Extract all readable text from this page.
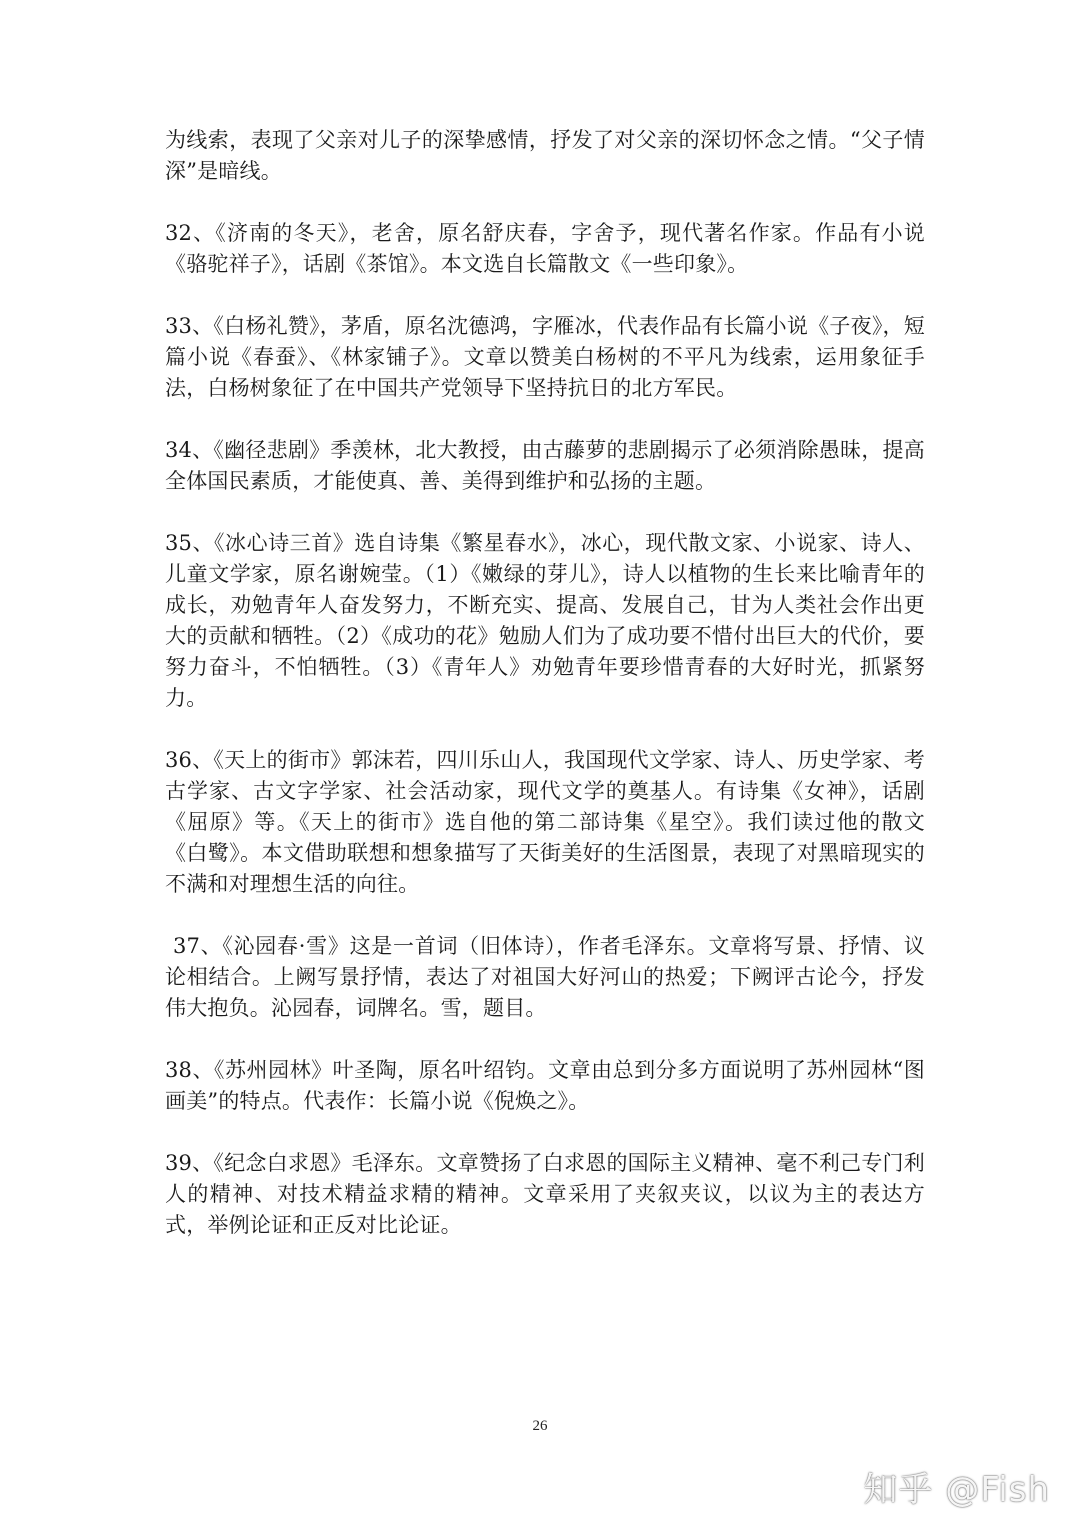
为线索，表现了父亲对儿子的深挚感情，抒发了对父亲的深切怀念之情。“父子情深”是暗线。

32、《济南的冬天》，老舍，原名舒庆春，字舍予，现代著名作家。作品有小说《骆驼祥子》，话剧《茶馆》。本文选自长篇散文《一些印象》。

33、《白杨礼赞》，茅盾，原名沈德鸿，字雁冰，代表作品有长篇小说《子夜》，短篇小说《春蚕》、《林家铺子》。文章以赞美白杨树的不平凡为线索，运用象征手法，白杨树象征了在中国共产党领导下坚持抗日的北方军民。

34、《幽径悲剧》季羡林，北大教授，由古藤萝的悲剧揭示了必须消除愚昧，提高全体国民素质，才能使真、善、美得到维护和弘扬的主题。

35、《冰心诗三首》选自诗集《繁星春水》，冰心，现代散文家、小说家、诗人、儿童文学家，原名谢婉莹。（1）《嫩绿的芽儿》，诗人以植物的生长来比喻青年的成长，劝勉青年人奋发努力，不断充实、提高、发展自己，甘为人类社会作出更大的贡献和牺牲。（2）《成功的花》勉励人们为了成功要不惜付出巨大的代价，要努力奋斗，不怕牺牲。（3）《青年人》劝勉青年要珍惜青春的大好时光，抓紧努力。

36、《天上的街市》郭沫若，四川乐山人，我国现代文学家、诗人、历史学家、考古学家、古文字学家、社会活动家，现代文学的奠基人。有诗集《女神》，话剧《屈原》等。《天上的街市》选自他的第二部诗集《星空》。我们读过他的散文《白鹭》。本文借助联想和想象描写了天街美好的生活图景，表现了对黑暗现实的不满和对理想生活的向往。

37、《沁园春·雪》这是一首词（旧体诗），作者毛泽东。文章将写景、抒情、议论相结合。上阙写景抒情，表达了对祖国大好河山的热爱；下阙评古论今，抒发伟大抱负。沁园春，词牌名。雪，题目。

38、《苏州园林》叶圣陶，原名叶绍钧。文章由总到分多方面说明了苏州园林“图画美”的特点。代表作：长篇小说《倪焕之》。

39、《纪念白求恩》毛泽东。文章赞扬了白求恩的国际主义精神、毫不利己专门利人的精神、对技术精益求精的精神。文章采用了夹叙夹议，以议为主的表达方式，举例论证和正反对比论证。

26
知乎 @Fish
